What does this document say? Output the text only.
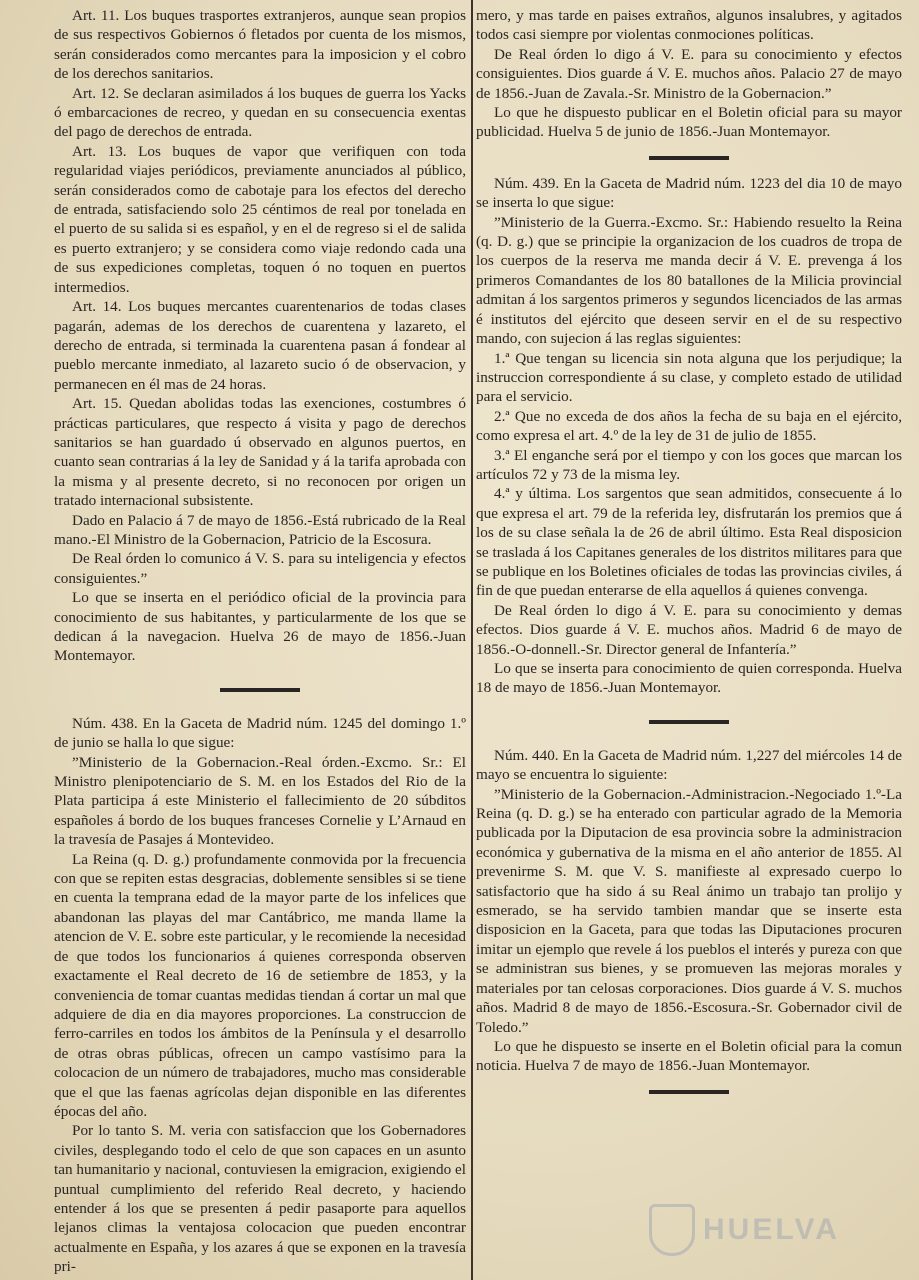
Art. 11. Los buques trasportes extranjeros, aunque sean propios de sus respectivos Gobiernos ó fletados por cuenta de los mismos, serán considerados como mercantes para la imposicion y el cobro de los derechos sanitarios.

Art. 12. Se declaran asimilados á los buques de guerra los Yacks ó embarcaciones de recreo, y quedan en su consecuencia exentas del pago de derechos de entrada.

Art. 13. Los buques de vapor que verifiquen con toda regularidad viajes periódicos, previamente anunciados al público, serán considerados como de cabotaje para los efectos del derecho de entrada, satisfaciendo solo 25 céntimos de real por tonelada en el puerto de su salida si es español, y en el de regreso si el de salida es puerto extranjero; y se considera como viaje redondo cada una de sus expediciones completas, toquen ó no toquen en puertos intermedios.

Art. 14. Los buques mercantes cuarentenarios de todas clases pagarán, ademas de los derechos de cuarentena y lazareto, el derecho de entrada, si terminada la cuarentena pasan á fondear al pueblo mercante inmediato, al lazareto sucio ó de observacion, y permanecen en él mas de 24 horas.

Art. 15. Quedan abolidas todas las exenciones, costumbres ó prácticas particulares, que respecto á visita y pago de derechos sanitarios se han guardado ú observado en algunos puertos, en cuanto sean contrarias á la ley de Sanidad y á la tarifa aprobada con la misma y al presente decreto, si no reconocen por origen un tratado internacional subsistente.

Dado en Palacio á 7 de mayo de 1856.-Está rubricado de la Real mano.-El Ministro de la Gobernacion, Patricio de la Escosura.

De Real órden lo comunico á V. S. para su inteligencia y efectos consiguientes.”

Lo que se inserta en el periódico oficial de la provincia para conocimiento de sus habitantes, y particularmente de los que se dedican á la navegacion. Huelva 26 de mayo de 1856.-Juan Montemayor.

Núm. 438. En la Gaceta de Madrid núm. 1245 del domingo 1.º de junio se halla lo que sigue:

”Ministerio de la Gobernacion.-Real órden.-Excmo. Sr.: El Ministro plenipotenciario de S. M. en los Estados del Rio de la Plata participa á este Ministerio el fallecimiento de 20 súbditos españoles á bordo de los buques franceses Cornelie y L’Arnaud en la travesía de Pasajes á Montevideo.

La Reina (q. D. g.) profundamente conmovida por la frecuencia con que se repiten estas desgracias, doblemente sensibles si se tiene en cuenta la temprana edad de la mayor parte de los infelices que abandonan las playas del mar Cantábrico, me manda llame la atencion de V. E. sobre este particular, y le recomiende la necesidad de que todos los funcionarios á quienes corresponda observen exactamente el Real decreto de 16 de setiembre de 1853, y la conveniencia de tomar cuantas medidas tiendan á cortar un mal que adquiere de dia en dia mayores proporciones. La construccion de ferro-carriles en todos los ámbitos de la Península y el desarrollo de otras obras públicas, ofrecen un campo vastísimo para la colocacion de un número de trabajadores, mucho mas considerable que el que las faenas agrícolas dejan disponible en las diferentes épocas del año.

Por lo tanto S. M. veria con satisfaccion que los Gobernadores civiles, desplegando todo el celo de que son capaces en un asunto tan humanitario y nacional, contuviesen la emigracion, exigiendo el puntual cumplimiento del referido Real decreto, y haciendo entender á los que se presenten á pedir pasaporte para aquellos lejanos climas la ventajosa colocacion que pueden encontrar actualmente en España, y los azares á que se exponen en la travesía pri-

mero, y mas tarde en paises extraños, algunos insalubres, y agitados todos casi siempre por violentas conmociones políticas.

De Real órden lo digo á V. E. para su conocimiento y efectos consiguientes. Dios guarde á V. E. muchos años. Palacio 27 de mayo de 1856.-Juan de Zavala.-Sr. Ministro de la Gobernacion.”

Lo que he dispuesto publicar en el Boletin oficial para su mayor publicidad. Huelva 5 de junio de 1856.-Juan Montemayor.

Núm. 439. En la Gaceta de Madrid núm. 1223 del dia 10 de mayo se inserta lo que sigue:

”Ministerio de la Guerra.-Excmo. Sr.: Habiendo resuelto la Reina (q. D. g.) que se principie la organizacion de los cuadros de tropa de los cuerpos de la reserva me manda decir á V. E. prevenga á los primeros Comandantes de los 80 batallones de la Milicia provincial admitan á los sargentos primeros y segundos licenciados de las armas é institutos del ejército que deseen servir en el de su respectivo mando, con sujecion á las reglas siguientes:

1.ª Que tengan su licencia sin nota alguna que los perjudique; la instruccion correspondiente á su clase, y completo estado de utilidad para el servicio.

2.ª Que no exceda de dos años la fecha de su baja en el ejército, como expresa el art. 4.º de la ley de 31 de julio de 1855.

3.ª El enganche será por el tiempo y con los goces que marcan los artículos 72 y 73 de la misma ley.

4.ª y última. Los sargentos que sean admitidos, consecuente á lo que expresa el art. 79 de la referida ley, disfrutarán los premios que á los de su clase señala la de 26 de abril último. Esta Real disposicion se traslada á los Capitanes generales de los distritos militares para que se publique en los Boletines oficiales de todas las provincias civiles, á fin de que puedan enterarse de ella aquellos á quienes convenga.

De Real órden lo digo á V. E. para su conocimiento y demas efectos. Dios guarde á V. E. muchos años. Madrid 6 de mayo de 1856.-O-donnell.-Sr. Director general de Infantería.”

Lo que se inserta para conocimiento de quien corresponda. Huelva 18 de mayo de 1856.-Juan Montemayor.

Núm. 440. En la Gaceta de Madrid núm. 1,227 del miércoles 14 de mayo se encuentra lo siguiente:

”Ministerio de la Gobernacion.-Administracion.-Negociado 1.º-La Reina (q. D. g.) se ha enterado con particular agrado de la Memoria publicada por la Diputacion de esa provincia sobre la administracion económica y gubernativa de la misma en el año anterior de 1855. Al prevenirme S. M. que V. S. manifieste al expresado cuerpo lo satisfactorio que ha sido á su Real ánimo un trabajo tan prolijo y esmerado, se ha servido tambien mandar que se inserte esta disposicion en la Gaceta, para que todas las Diputaciones procuren imitar un ejemplo que revele á los pueblos el interés y pureza con que se administran sus bienes, y se promueven las mejoras morales y materiales por tan celosas corporaciones. Dios guarde á V. S. muchos años. Madrid 8 de mayo de 1856.-Escosura.-Sr. Gobernador civil de Toledo.”

Lo que he dispuesto se inserte en el Boletin oficial para la comun noticia. Huelva 7 de mayo de 1856.-Juan Montemayor.

HUELVA
